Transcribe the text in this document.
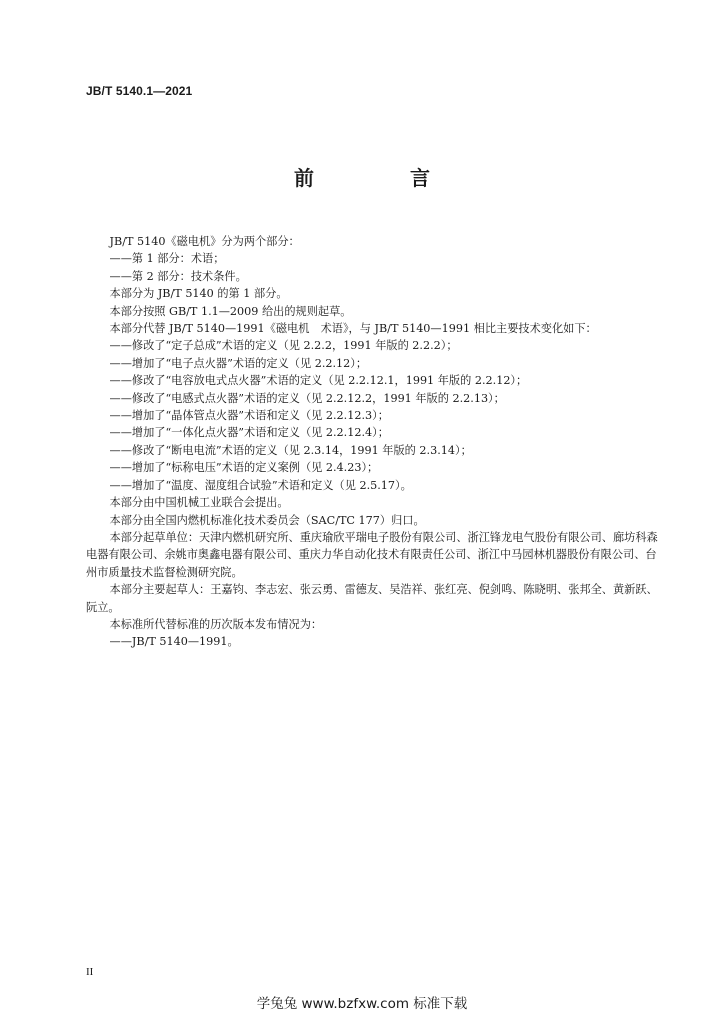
JB/T 5140.1—2021
前　言

JB/T 5140《磁电机》分为两个部分：

——第 1 部分：术语；

——第 2 部分：技术条件。

本部分为 JB/T 5140 的第 1 部分。

本部分按照 GB/T 1.1—2009 给出的规则起草。

本部分代替 JB/T 5140—1991《磁电机　术语》，与 JB/T 5140—1991 相比主要技术变化如下：

——修改了“定子总成”术语的定义（见 2.2.2，1991 年版的 2.2.2）；

——增加了“电子点火器”术语的定义（见 2.2.12）；

——修改了“电容放电式点火器”术语的定义（见 2.2.12.1，1991 年版的 2.2.12）；

——修改了“电感式点火器”术语的定义（见 2.2.12.2，1991 年版的 2.2.13）；

——增加了“晶体管点火器”术语和定义（见 2.2.12.3）；

——增加了“一体化点火器”术语和定义（见 2.2.12.4）；

——修改了“断电电流”术语的定义（见 2.3.14，1991 年版的 2.3.14）；

——增加了“标称电压”术语的定义案例（见 2.4.23）；

——增加了“温度、湿度组合试验”术语和定义（见 2.5.17）。

本部分由中国机械工业联合会提出。

本部分由全国内燃机标准化技术委员会（SAC/TC 177）归口。

本部分起草单位：天津内燃机研究所、重庆瑜欣平瑞电子股份有限公司、浙江锋龙电气股份有限公司、廊坊科森电器有限公司、余姚市奥鑫电器有限公司、重庆力华自动化技术有限责任公司、浙江中马园林机器股份有限公司、台州市质量技术监督检测研究院。

本部分主要起草人：王嘉钧、李志宏、张云勇、雷德友、吴浩祥、张红亮、倪剑鸣、陈晓明、张邦全、黄新跃、阮立。

本标准所代替标准的历次版本发布情况为：

——JB/T 5140—1991。

II
学兔兔 www.bzfxw.com 标准下载
